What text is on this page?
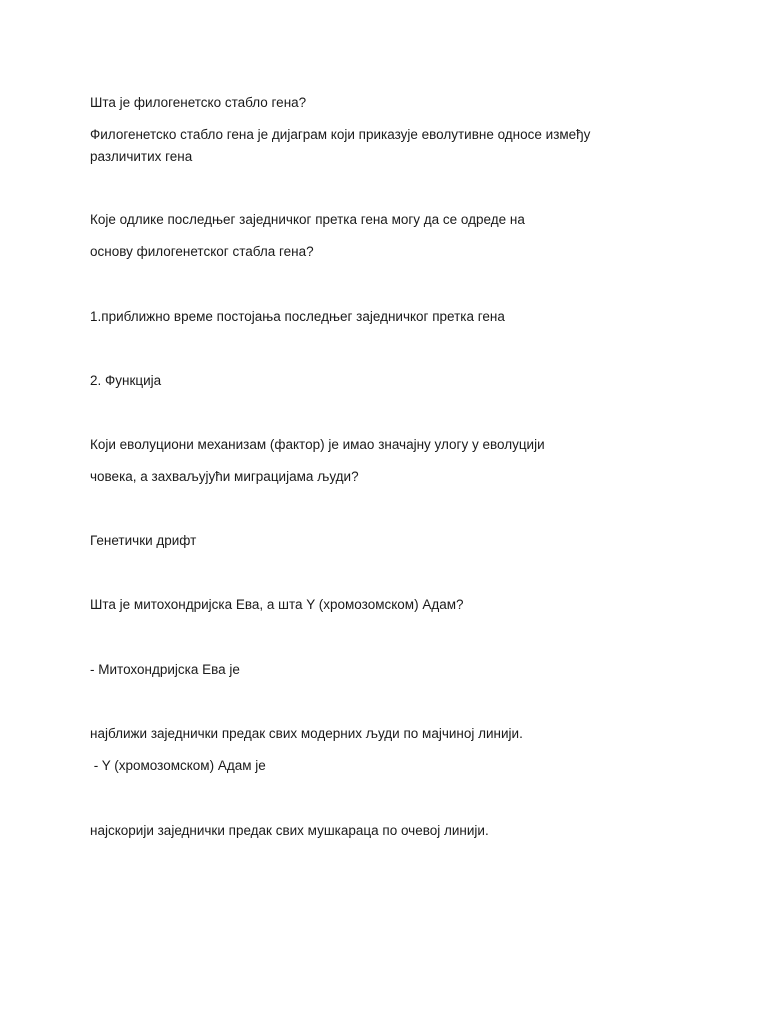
Шта је филогенетско стабло гена?
Филогенетско стабло гена је дијаграм који приказује еволутивне односе између различитих гена
Које одлике последњег заједничког претка гена могу да се одреде на
основу филогенетског стабла гена?
1.приближно време постојања последњег заједничког претка гена
2. Функција
Који еволуциони механизам (фактор) је имао значајну улогу у еволуцији
човека, а захваљујући миграцијама људи?
Генетички дрифт
Шта је митохондријска Ева, а шта Y (хромозомском) Адам?
- Митохондријска Ева је
најближи заједнички предак свих модерних људи по мајчиној линији.
- Y (хромозомском) Адам је
најскорији заједнички предак свих мушкараца по очевој линији.
